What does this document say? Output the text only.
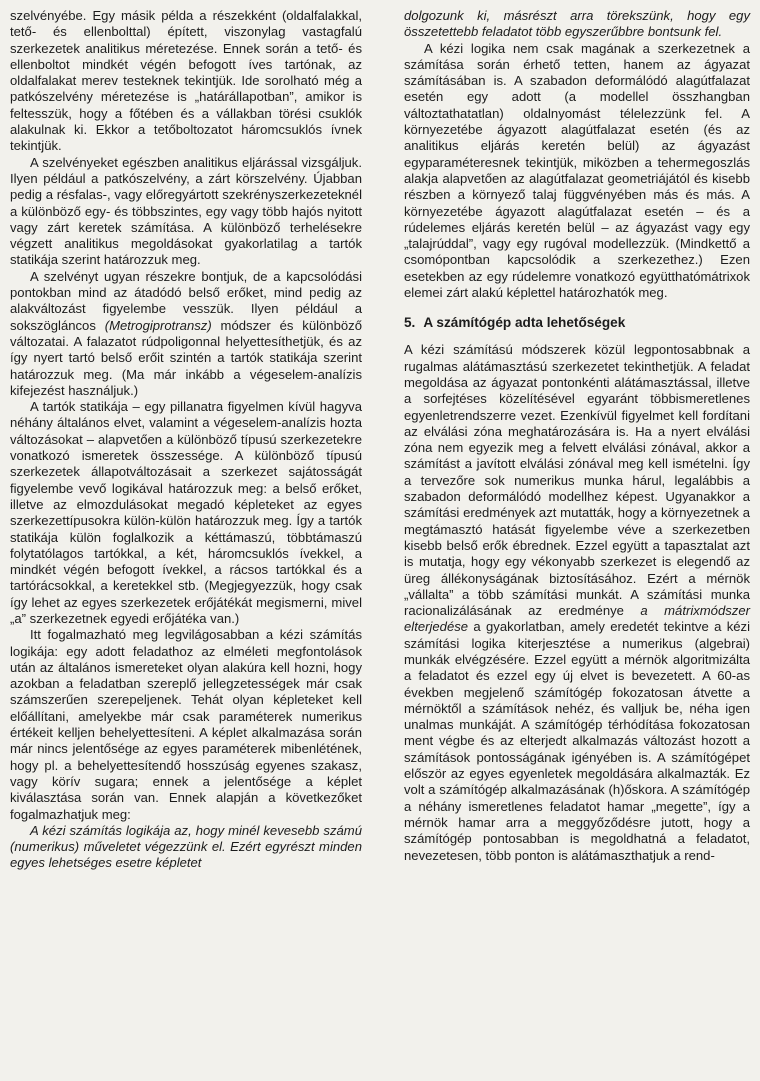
szelvényébe. Egy másik példa a részekként (oldalfalakkal, tető- és ellenbolttal) épített, viszonylag vastagfalú szerkezetek analitikus méretezése. Ennek során a tető- és ellenboltot mindkét végén befogott íves tartónak, az oldalfalakat merev testeknek tekintjük. Ide sorolható még a patkószelvény méretezése is „határállapotban”, amikor is feltesszük, hogy a főtében és a vállakban törési csuklók alakulnak ki. Ekkor a tetőboltozatot háromcsuklós ívnek tekintjük.

A szelvényeket egészben analitikus eljárással vizsgáljuk. Ilyen például a patkószelvény, a zárt körszelvény. Újabban pedig a résfalas-, vagy előregyártott szekrényszerkezeteknél a különböző egy- és többszintes, egy vagy több hajós nyitott vagy zárt keretek számítása. A különböző terhelésekre végzett analitikus megoldásokat gyakorlatilag a tartók statikája szerint határozzuk meg.

A szelvényt ugyan részekre bontjuk, de a kapcsolódási pontokban mind az átadódó belső erőket, mind pedig az alakváltozást figyelembe vesszük. Ilyen például a sokszögláncos (Metrogiprotransz) módszer és különböző változatai. A falazatot rúdpoligonnal helyettesíthetjük, és az így nyert tartó belső erőit szintén a tartók statikája szerint határozzuk meg. (Ma már inkább a végeselem-analízis kifejezést használjuk.)

A tartók statikája – egy pillanatra figyelmen kívül hagyva néhány általános elvet, valamint a végeselem-analízis hozta változásokat – alapvetően a különböző típusú szerkezetekre vonatkozó ismeretek összessége. A különböző típusú szerkezetek állapotváltozásait a szerkezet sajátosságát figyelembe vevő logikával határozzuk meg: a belső erőket, illetve az elmozdulásokat megadó képleteket az egyes szerkezettípusokra külön-külön határozzuk meg. Így a tartók statikája külön foglalkozik a kéttámaszú, többtámaszú folytatólagos tartókkal, a két, háromcsuklós ívekkel, a mindkét végén befogott ívekkel, a rácsos tartókkal és a tartórácsokkal, a keretekkel stb. (Megjegyezzük, hogy csak így lehet az egyes szerkezetek erőjátékát megismerni, mivel „a” szerkezetnek egyedi erőjátéka van.)

Itt fogalmazható meg legvilágosabban a kézi számítás logikája: egy adott feladathoz az elméleti megfontolások után az általános ismereteket olyan alakúra kell hozni, hogy azokban a feladatban szereplő jellegzetességek már csak számszerűen szerepeljenek. Tehát olyan képleteket kell előállítani, amelyekbe már csak paraméterek numerikus értékeit kelljen behelyettesíteni. A képlet alkalmazása során már nincs jelentősége az egyes paraméterek mibenlétének, hogy pl. a behelyettesítendő hosszúság egyenes szakasz, vagy körív sugara; ennek a jelentősége a képlet kiválasztása során van. Ennek alapján a következőket fogalmazhatjuk meg:

A kézi számítás logikája az, hogy minél kevesebb számú (numerikus) műveletet végezzünk el. Ezért egyrészt minden egyes lehetséges esetre képletet

dolgozunk ki, másrészt arra törekszünk, hogy egy összetettebb feladatot több egyszerűbbre bontsunk fel.

A kézi logika nem csak magának a szerkezetnek a számítása során érhető tetten, hanem az ágyazat számításában is. A szabadon deformálódó alagútfalazat esetén egy adott (a modellel összhangban változtathatatlan) oldalnyomást télelezzünk fel. A környezetébe ágyazott alagútfalazat esetén (és az analitikus eljárás keretén belül) az ágyazást egyparaméteresnek tekintjük, miközben a tehermegoszlás alakja alapvetően az alagútfalazat geometriájától és kisebb részben a környező talaj függvényében más és más. A környezetébe ágyazott alagútfalazat esetén – és a rúdelemes eljárás keretén belül – az ágyazást vagy egy „talajrúddal”, vagy egy rugóval modellezzük. (Mindkettő a csomópontban kapcsolódik a szerkezethez.) Ezen esetekben az egy rúdelemre vonatkozó együtthatómátrixok elemei zárt alakú képlettel határozhatók meg.

5. A számítógép adta lehetőségek

A kézi számítású módszerek közül legpontosabbnak a rugalmas alátámasztású szerkezetet tekinthetjük. A feladat megoldása az ágyazat pontonkénti alátámasztással, illetve a sorfejtéses közelítésével egyaránt többismeretlenes egyenletrendszerre vezet. Ezenkívül figyelmet kell fordítani az elválási zóna meghatározására is. Ha a nyert elválási zóna nem egyezik meg a felvett elválási zónával, akkor a számítást a javított elválási zónával meg kell ismételni. Így a tervezőre sok numerikus munka hárul, legalábbis a szabadon deformálódó modellhez képest. Ugyanakkor a számítási eredmények azt mutatták, hogy a környezetnek a megtámasztó hatását figyelembe véve a szerkezetben kisebb belső erők ébrednek. Ezzel együtt a tapasztalat azt is mutatja, hogy egy vékonyabb szerkezet is elegendő az üreg állékonyságának biztosításához. Ezért a mérnök „vállalta” a több számítási munkát. A számítási munka racionalizálásának az eredménye a mátrixmódszer elterjedése a gyakorlatban, amely eredetét tekintve a kézi számítási logika kiterjesztése a numerikus (algebrai) munkák elvégzésére. Ezzel együtt a mérnök algoritmizálta a feladatot és ezzel egy új elvet is bevezetett. A 60-as években megjelenő számítógép fokozatosan átvette a mérnöktől a számítások nehéz, és valljuk be, néha igen unalmas munkáját. A számítógép térhódítása fokozatosan ment végbe és az elterjedt alkalmazás változást hozott a számítások pontosságának igényében is. A számítógépet először az egyes egyenletek megoldására alkalmazták. Ez volt a számítógép alkalmazásának (h)őskora. A számítógép a néhány ismeretlenes feladatot hamar „megette”, így a mérnök hamar arra a meggyőződésre jutott, hogy a számítógép pontosabban is megoldhatná a feladatot, nevezetesen, több ponton is alátámaszthatjuk a rend-
